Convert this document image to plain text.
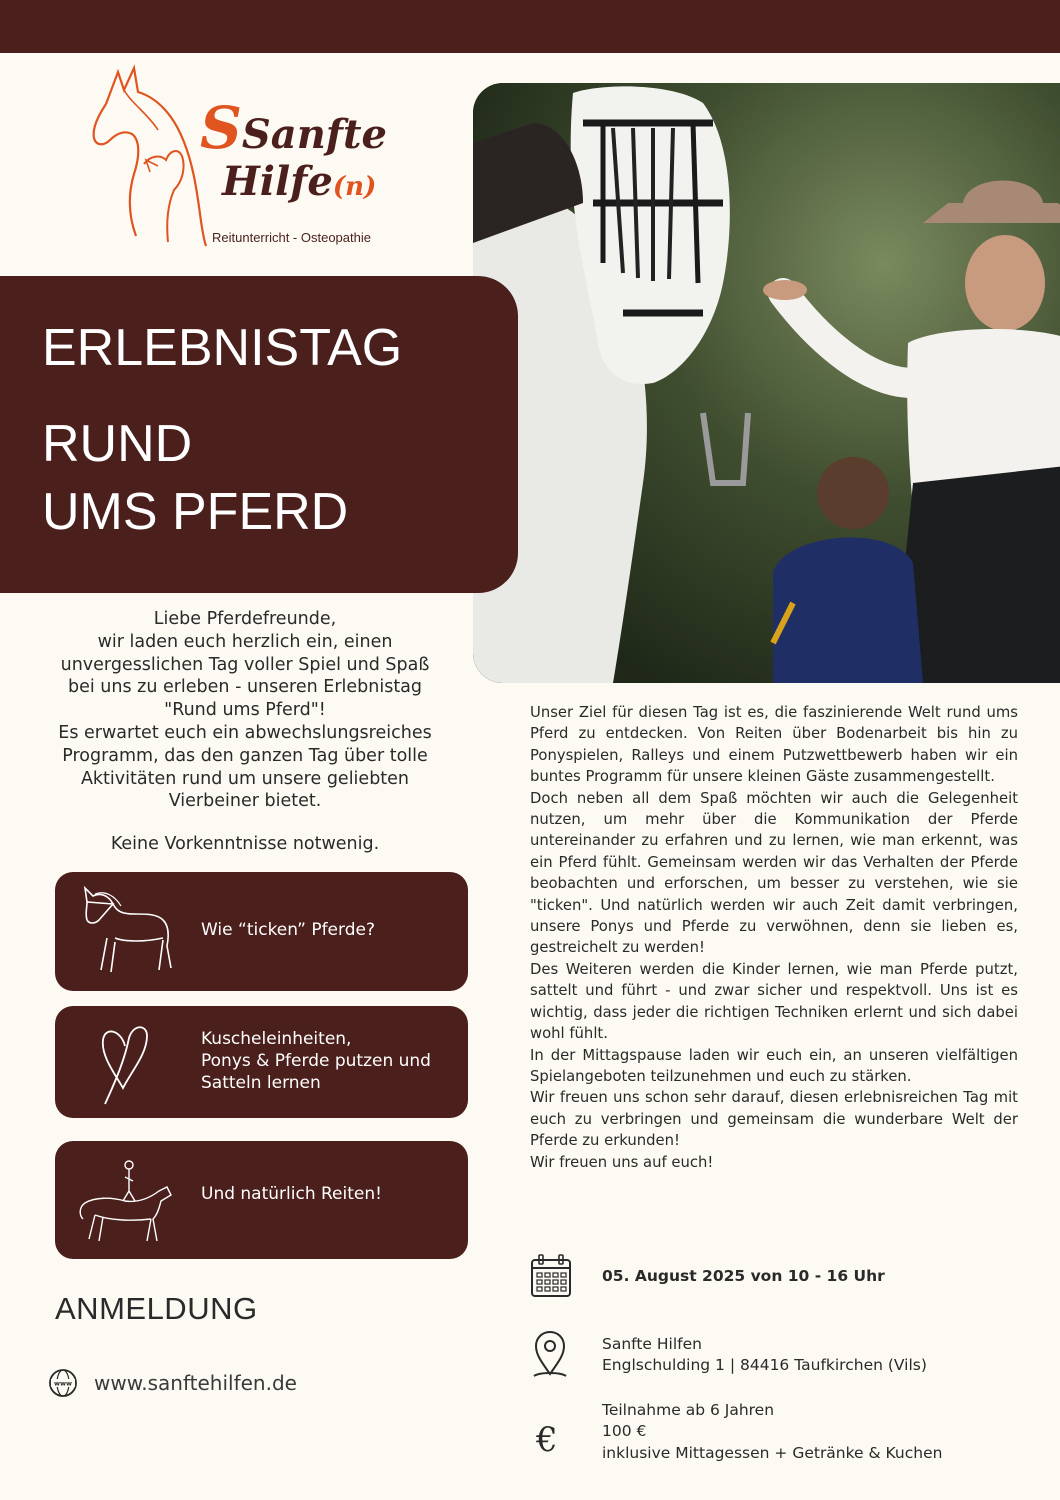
SSanfte
Hilfe(n)
Reitunterricht - Osteopathie
ERLEBNISTAG
RUND
UMS PFERD

Liebe Pferdefreunde,

wir laden euch herzlich ein, einen

unvergesslichen Tag voller Spiel und Spaß

bei uns zu erleben - unseren Erlebnistag

"Rund ums Pferd"!

Es erwartet euch ein abwechslungsreiches

Programm, das den ganzen Tag über tolle

Aktivitäten rund um unsere geliebten

Vierbeiner bietet.

Keine Vorkenntnisse notwenig.
Wie “ticken” Pferde?
Kuscheleinheiten,
Ponys & Pferde putzen und
Satteln lernen
Und natürlich Reiten!
ANMELDUNG
www www.sanftehilfen.de

Unser Ziel für diesen Tag ist es, die faszinierende Welt rund ums Pferd zu entdecken. Von Reiten über Bodenarbeit bis hin zu Ponyspielen, Ralleys und einem Putzwettbewerb haben wir ein buntes Programm für unsere kleinen Gäste zusammengestellt.

Doch neben all dem Spaß möchten wir auch die Gelegenheit nutzen, um mehr über die Kommunikation der Pferde untereinander zu erfahren und zu lernen, wie man erkennt, was ein Pferd fühlt. Gemeinsam werden wir das Verhalten der Pferde beobachten und erforschen, um besser zu verstehen, wie sie "ticken". Und natürlich werden wir auch Zeit damit verbringen, unsere Ponys und Pferde zu verwöhnen, denn sie lieben es, gestreichelt zu werden!

Des Weiteren werden die Kinder lernen, wie man Pferde putzt, sattelt und führt - und zwar sicher und respektvoll. Uns ist es wichtig, dass jeder die richtigen Techniken erlernt und sich dabei wohl fühlt.

In der Mittagspause laden wir euch ein, an unseren vielfältigen Spielangeboten teilzunehmen und euch zu stärken.

Wir freuen uns schon sehr darauf, diesen erlebnisreichen Tag mit euch zu verbringen und gemeinsam die wunderbare Welt der Pferde zu erkunden!

Wir freuen uns auf euch!

05. August 2025 von 10 - 16 Uhr
Sanfte Hilfen
Englschulding 1 | 84416 Taufkirchen (Vils)
€
Teilnahme ab 6 Jahren
100 €
inklusive Mittagessen + Getränke & Kuchen
